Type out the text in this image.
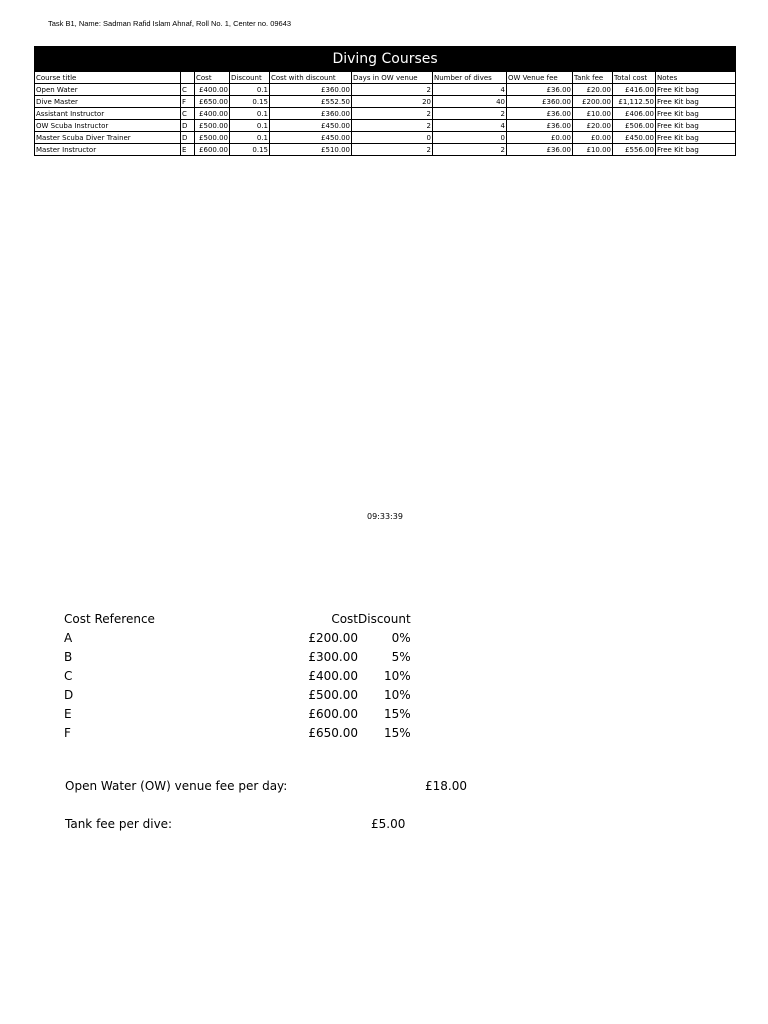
Task B1, Name: Sadman Rafid Islam Ahnaf, Roll No. 1, Center no. 09643
Diving Courses										
Course title		Cost	Discount	Cost with discount	Days in OW venue	Number of dives	OW Venue fee	Tank fee	Total cost	Notes
Open Water	C	£400.00	0.1	£360.00	2	4	£36.00	£20.00	£416.00	Free Kit bag
Dive Master	F	£650.00	0.15	£552.50	20	40	£360.00	£200.00	£1,112.50	Free Kit bag
Assistant Instructor	C	£400.00	0.1	£360.00	2	2	£36.00	£10.00	£406.00	Free Kit bag
OW Scuba Instructor	D	£500.00	0.1	£450.00	2	4	£36.00	£20.00	£506.00	Free Kit bag
Master Scuba Diver Trainer	D	£500.00	0.1	£450.00	0	0	£0.00	£0.00	£450.00	Free Kit bag
Master Instructor	E	£600.00	0.15	£510.00	2	2	£36.00	£10.00	£556.00	Free Kit bag
09:33:39
Cost Reference	Cost	Discount
A	£200.00	0%
B	£300.00	5%
C	£400.00	10%
D	£500.00	10%
E	£600.00	15%
F	£650.00	15%
Open Water (OW) venue fee per day:	£18.00
Tank fee per dive:	£5.00
